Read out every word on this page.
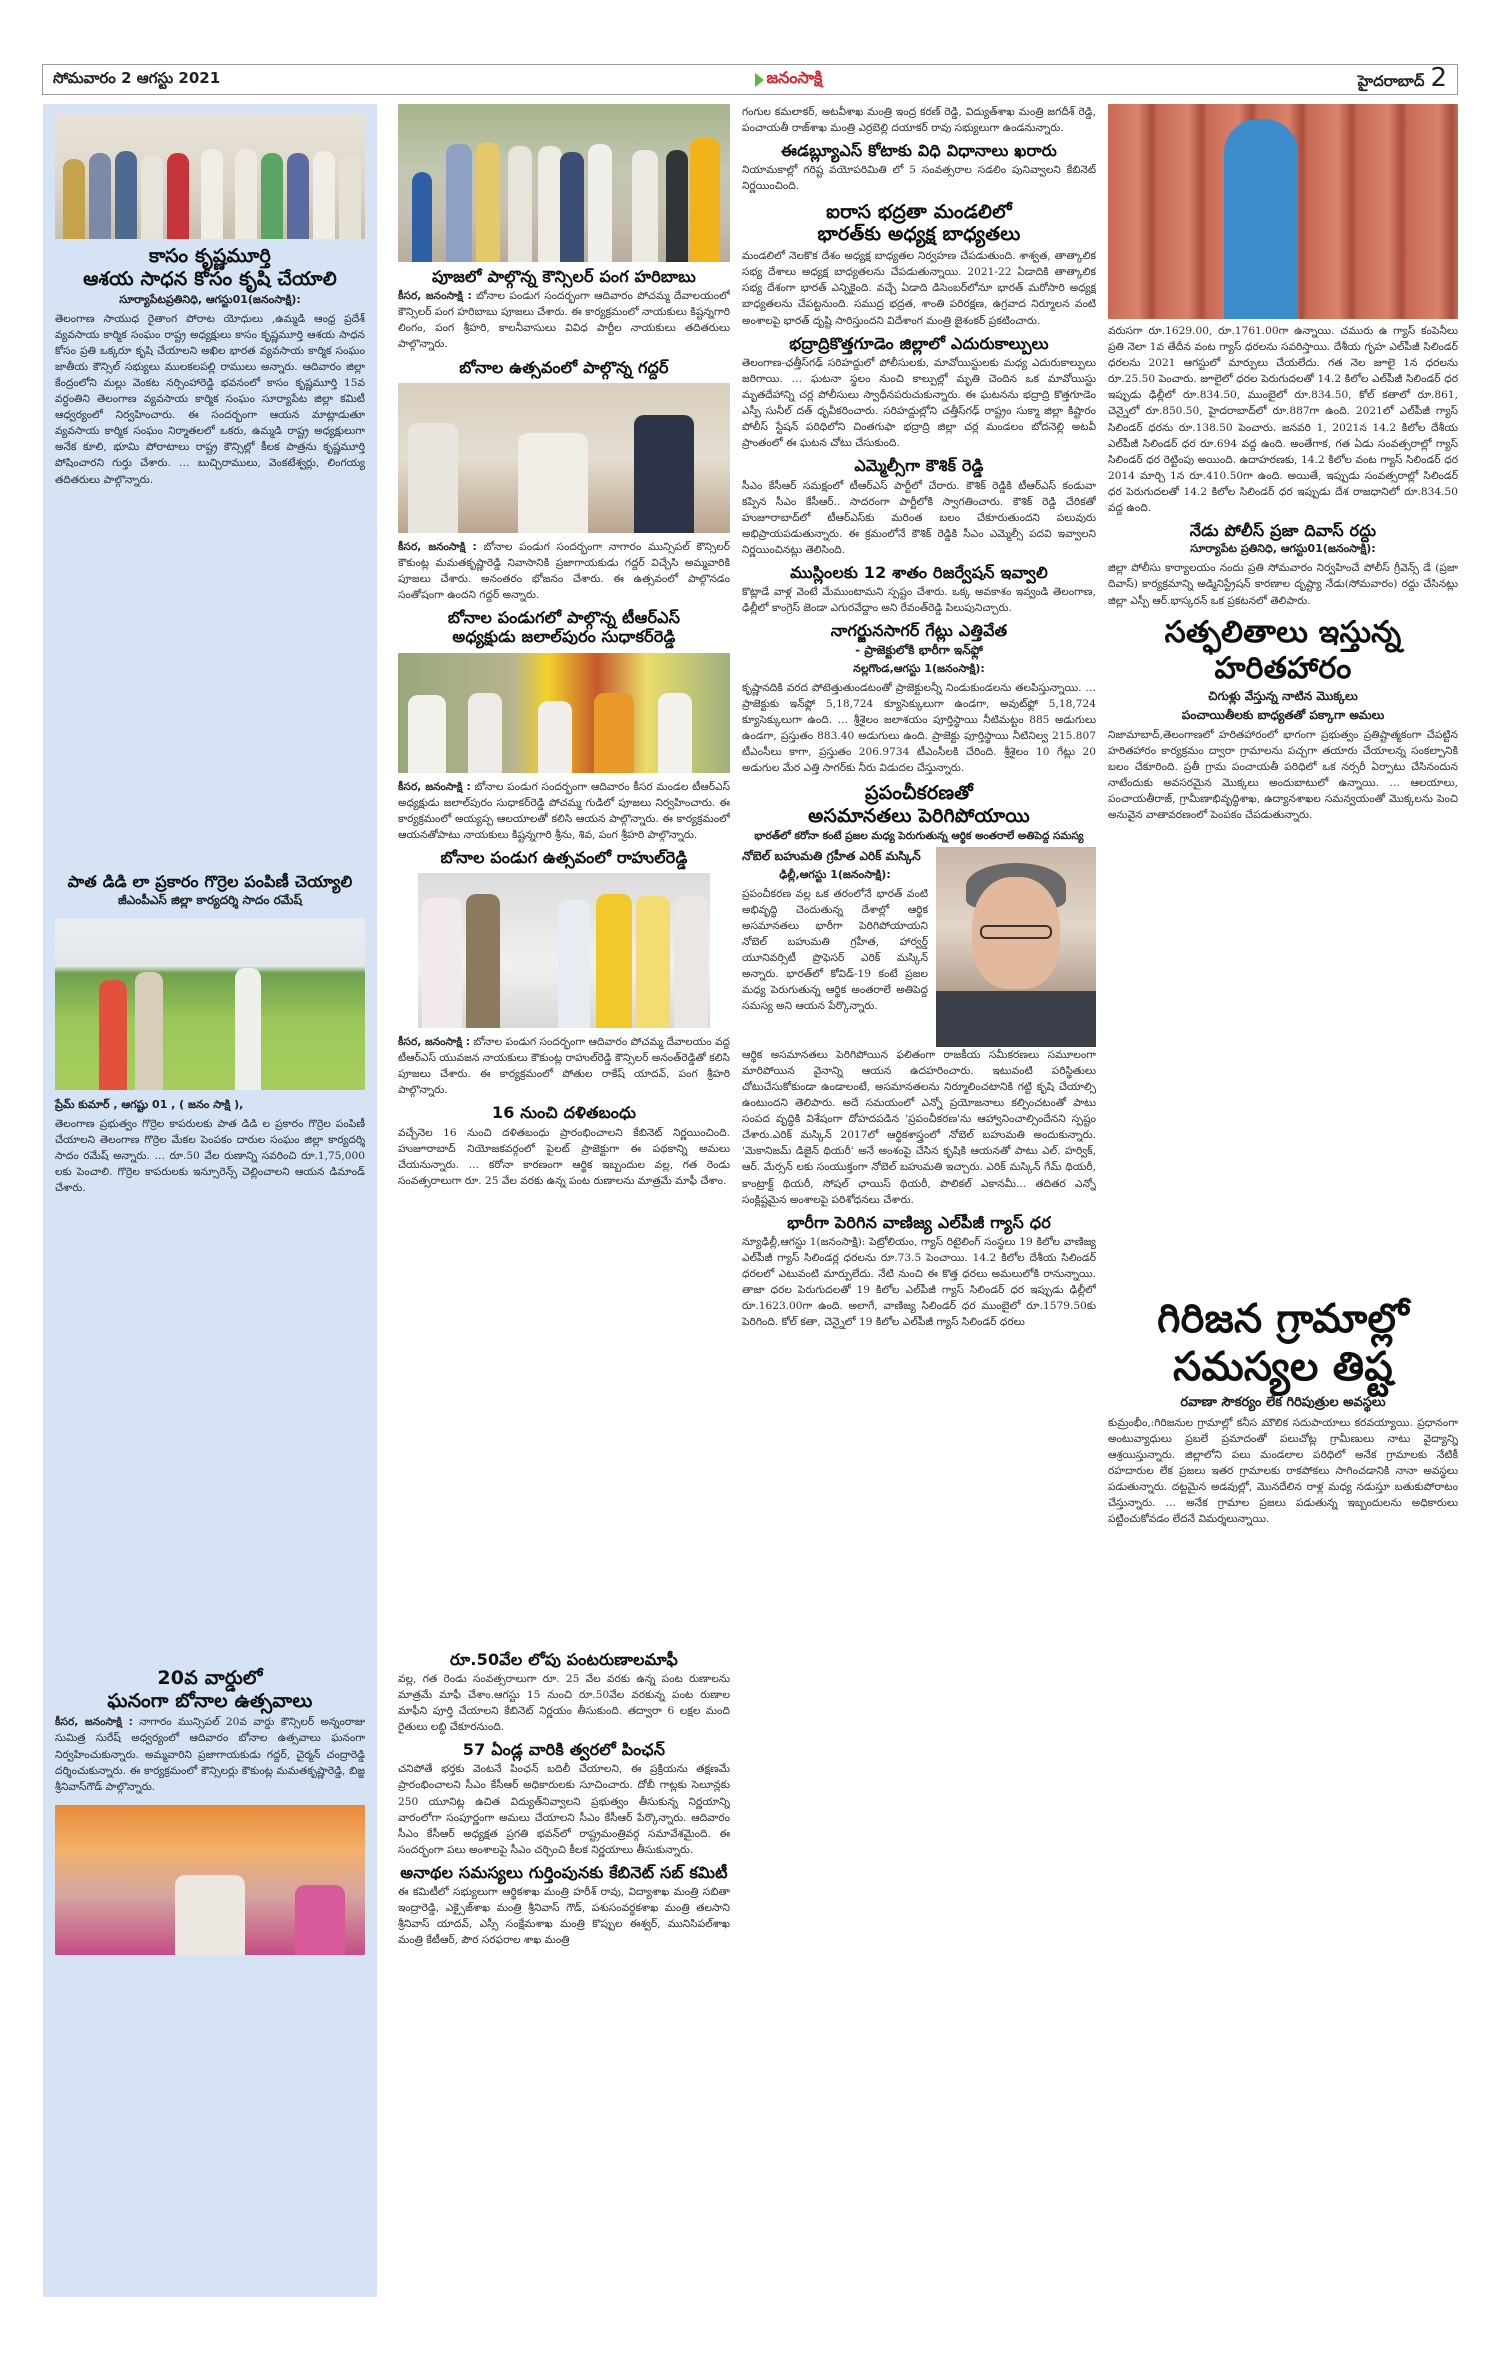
సోమవారం 2 ఆగస్టు 2021	జనంసాక్షి	హైదరాబాద్ 2
కాసం కృష్ణమూర్తి
ఆశయ సాధన కోసం కృషి చేయాలి
సూర్యాపేటప్రతినిధి, ఆగస్టు01(జనంసాక్షి):

తెలంగాణ సాయుధ రైతాంగ పోరాట యోధులు ,ఉమ్మడి ఆంధ్ర ప్రదేశ్ వ్యవసాయ కార్మిక సంఘం రాష్ట్ర అధ్యక్షులు కాసం కృష్ణమూర్తి ఆశయ సాధన కోసం ప్రతి ఒక్కరూ కృషి చేయాలని అఖిల భారత వ్యవసాయ కార్మిక సంఘం జాతీయ కౌన్సిల్ సభ్యులు ములకలపల్లి రాములు అన్నారు. ఆదివారం జిల్లా కేంద్రంలోని మల్లు వెంకట నర్సింహారెడ్డి భవనంలో కాసం కృష్ణమూర్తి 15వ వర్ధంతిని తెలంగాణ వ్యవసాయ కార్మిక సంఘం సూర్యాపేట జిల్లా కమిటీ ఆధ్వర్యంలో నిర్వహించారు. ఈ సందర్భంగా ఆయన మాట్లాడుతూ వ్యవసాయ కార్మిక సంఘం నిర్మాతలలో ఒకరు, ఉమ్మడి రాష్ట్ర అధ్యక్షులుగా అనేక కూలి, భూమి పోరాటాలు రాష్ట్ర కౌన్సిల్లో కీలక పాత్రను కృష్ణమూర్తి పోషించారని గుర్తు చేశారు. … బుచ్చిరాములు, వెంకటేశ్వర్లు, లింగయ్య తదితరులు పాల్గొన్నారు.

పాత డిడి లా ప్రకారం గొర్రెల పంపిణీ చెయ్యాలి
జీఎంపీఎస్ జిల్లా కార్యదర్శి సాదం రమేష్
ప్రేమ్ కుమార్ , ఆగష్టు 01 , ( జనం సాక్షి ),

తెలంగాణ ప్రభుత్వం గొర్రెల కాపరులకు పాత డిడి ల ప్రకారం గొర్రెల పంపిణీ చేయాలని తెలంగాణ గొర్రెల మేకల పెంపకం దారుల సంఘం జిల్లా కార్యదర్శి సాదం రమేష్ అన్నారు. … రూ.50 వేల రుణాన్ని సవరించి రూ.1,75,000 లకు పెంచాలి. గొర్రెల కాపరులకు ఇన్సూరెన్స్ చెల్లించాలని ఆయన డిమాండ్ చేశారు.

20వ వార్డులో
ఘనంగా బోనాల ఉత్సవాలు

కీసర, జనంసాక్షి : నాగారం మున్సిపల్ 20వ వార్డు కౌన్సిలర్ అన్నంరాజు సుమిత్ర సురేష్ అధ్వర్యంలో ఆదివారం బోనాల ఉత్సవాలు ఘనంగా నిర్వహించుకున్నారు. అమ్మవారిని ప్రజాగాయకుడు గద్దర్, చైర్మన్ చంద్రారెడ్డి దర్శించుకున్నారు. ఈ కార్యక్రమంలో కౌన్సిలర్లు కౌకుంట్ల మమతకృష్ణారెడ్డి, బిజ్జ శ్రీనివాస్‌గౌడ్ పాల్గొన్నారు.

పూజలో పాల్గొన్న కౌన్సిలర్ పంగ హరిబాబు

కీసర, జనంసాక్షి : బోనాల పండుగ సందర్భంగా ఆదివారం పోచమ్మ దేవాలయంలో కౌన్సిలర్ పంగ హరిబాబు పూజలు చేశారు. ఈ కార్యక్రమంలో నాయకులు కిష్టన్నగారి లింగం, పంగ శ్రీహరి, కాలనీవాసులు వివిధ పార్టీల నాయకులు తదితరులు పాల్గొన్నారు.

బోనాల ఉత్సవంలో పాల్గొన్న గద్దర్

కీసర, జనంసాక్షి : బోనాల పండుగ సందర్భంగా నాగారం మున్సిపల్ కౌన్సిలర్ కౌకుంట్ల మమతకృష్ణారెడ్డి నివాసానికి ప్రజాగాయకుడు గద్దర్ విచ్చేసి అమ్మవారికి పూజలు చేశారు. అనంతరం భోజనం చేశారు. ఈ ఉత్సవంలో పాల్గొనడం సంతోషంగా ఉందని గద్దర్ అన్నారు.

బోనాల పండుగలో పాల్గొన్న టీఆర్ఎస్
అధ్యక్షుడు జలాల్‌పురం సుధాకర్‌రెడ్డి

కీసర, జనంసాక్షి : బోనాల పండుగ సందర్భంగా ఆదివారం కీసర మండల టీఆర్ఎస్ అధ్యక్షుడు జలాల్‌పురం సుధాకర్‌రెడ్డి పోచమ్మ గుడిలో పూజలు నిర్వహించారు. ఈ కార్యక్రమంలో అయ్యప్ప ఆలయాలతో కలిసి ఆయన పాల్గొన్నారు. ఈ కార్యక్రమంలో ఆయనతోపాటు నాయకులు కిష్టన్నగారి శ్రీను, శివ, పంగ శ్రీహరి పాల్గొన్నారు.

బోనాల పండుగ ఉత్సవంలో రాహుల్‌రెడ్డి

కీసర, జనంసాక్షి : బోనాల పండుగ సందర్భంగా ఆదివారం పోచమ్మ దేవాలయం వద్ద టీఆర్ఎస్ యువజన నాయకులు కౌకుంట్ల రాహుల్‌రెడ్డి కౌన్సిలర్ అనంత్‌రెడ్డితో కలిసి పూజలు చేశారు. ఈ కార్యక్రమంలో పోతుల రాకేష్ యాదవ్, పంగ శ్రీహరి పాల్గొన్నారు.

16 నుంచి దళితబంధు

వచ్చేనెల 16 నుంచి దళితబంధు ప్రారంభించాలని కేబినెట్ నిర్ణయించింది. హుజూరాబాద్ నియోజకవర్గంలో పైలట్ ప్రాజెక్టుగా ఈ పథకాన్ని అమలు చేయనున్నారు. … కరోనా కారణంగా ఆర్థిక ఇబ్బందుల వల్ల, గత రెండు సంవత్సరాలుగా రూ. 25 వేల వరకు ఉన్న పంట రుణాలను మాత్రమే మాఫీ చేశాం.

రూ.50వేల లోపు పంటరుణాలమాఫీ

వల్ల, గత రెండు సంవత్సరాలుగా రూ. 25 వేల వరకు ఉన్న పంట రుణాలను మాత్రమే మాఫీ చేశాం.ఆగస్టు 15 నుంచి రూ.50వేల వరకున్న పంట రుణాల మాఫీని పూర్తి చేయాలని కేబినెట్ నిర్ణయం తీసుకుంది. తద్వారా 6 లక్షల మంది రైతులు లబ్ధి చేకూరనుంది.

57 ఏండ్ల వారికి త్వరలో పింఛన్

చనిపోతే భర్తకు వెంటనే పింఛన్ బదిలీ చేయాలని, ఈ ప్రక్రియను తక్షణమే ప్రారంభించాలని సీఎం కేసీఆర్ అధికారులకు సూచించారు. దోబీ గాట్లకు సెలూన్లకు 250 యూనిట్ల ఉచిత విద్యుత్‌నివ్వాలని ప్రభుత్వం తీసుకున్న నిర్ణయాన్ని వారంలోగా సంపూర్ణంగా అమలు చేయాలని సీఎం కేసీఆర్ పేర్కొన్నారు. ఆదివారం సీఎం కేసీఆర్ అధ్యక్షత ప్రగతి భవన్‌లో రాష్ట్రమంత్రివర్గ సమావేశమైంది. ఈ సందర్భంగా పలు అంశాలపై సీఎం చర్చించి కీలక నిర్ణయాలు తీసుకున్నారు.

అనాథల సమస్యలు గుర్తింపునకు కేబినెట్ సబ్ కమిటీ

ఈ కమిటీలో సభ్యులుగా ఆర్థికశాఖ మంత్రి హరీశ్ రావు, విద్యాశాఖ మంత్రి సబితా ఇంద్రారెడ్డి, ఎక్సైజ్‌శాఖ మంత్రి శ్రీనివాస్ గౌడ్, పశుసంవర్ధకశాఖ మంత్రి తలసాని శ్రీనివాస్ యాదవ్, ఎస్సీ సంక్షేమశాఖ మంత్రి కొప్పుల ఈశ్వర్, మునిసిపల్‌శాఖ మంత్రి కేటీఆర్, పౌర సరఫరాల శాఖ మంత్రి

గంగుల కమలాకర్, అటవీశాఖ మంత్రి ఇంద్ర కరణ్ రెడ్డి, విద్యుత్‌శాఖ మంత్రి జగదీశ్ రెడ్డి, పంచాయతీ రాజ్‌శాఖ మంత్రి ఎర్రబెల్లి దయాకర్ రావు సభ్యులుగా ఉండనున్నారు.

ఈడబ్ల్యూఎస్ కోటాకు విధి విధానాలు ఖరారు

నియామకాల్లో గరిష్ట వయోపరిమితి లో 5 సంవత్సరాల సడలిం పునివ్వాలని కేబినెట్ నిర్ణయించింది.

ఐరాస భద్రతా మండలిలో
భారత్‌కు అధ్యక్ష బాధ్యతలు

మండలిలో నెలకొక దేశం అధ్యక్ష బాధ్యతల నిర్వహణ చేపడుతుంది. శాశ్వత, తాత్కాలిక సభ్య దేశాలు అధ్యక్ష బాధ్యతలను చేపడుతున్నాయి. 2021-22 ఏడాదికి తాత్కాలిక సభ్య దేశంగా భారత్ ఎన్నికైంది. వచ్చే ఏడాది డిసెంబర్‌లోనూ భారత్ మరోసారి అధ్యక్ష బాధ్యతలను చేపట్టనుంది. సముద్ర భద్రత, శాంతి పరిరక్షణ, ఉగ్రవాద నిర్మూలన వంటి అంశాలపై భారత్ దృష్టి సారిస్తుందని విదేశాంగ మంత్రి జైశంకర్ ప్రకటించారు.

భద్రాద్రికొత్తగూడెం జిల్లాలో ఎదురుకాల్పులు

తెలంగాణ-ఛత్తీస్‌గఢ్ సరిహద్దులో పోలీసులకు, మావోయిస్టులకు మధ్య ఎదురుకాల్పులు జరిగాయి. … ఘటనా స్థలం నుంచి కాల్పుల్లో మృతి చెందిన ఒక మావోయిస్టు మృతదేహాన్ని చర్ల పోలీసులు స్వాధీనపరుచుకున్నారు. ఈ ఘటనను భద్రాద్రి కొత్తగూడెం ఎస్పీ సునీల్ దత్ ధృవీకరించారు. సరిహద్దుల్లోని చత్తీస్‌గఢ్ రాష్ట్రం సుక్మా జిల్లా కిష్టారం పోలీస్ స్టేషన్ పరిధిలోని చింతగుఫా భద్రాద్రి జిల్లా చర్ల మండలం బోదనెల్లి అటవీ ప్రాంతంలో ఈ ఘటన చోటు చేసుకుంది.

ఎమ్మెల్సీగా కౌశిక్ రెడ్డి

సీఎం కేసీఆర్ సమక్షంలో టీఆర్ఎస్ పార్టీలో చేరారు. కౌశిక్ రెడ్డికి టీఆర్ఎస్ కండువా కప్పిన సీఎం కేసీఆర్.. సాదరంగా పార్టీలోకి స్వాగతించారు. కౌశిక్ రెడ్డి చేరికతో హుజూరాబాద్‌లో టీఆర్ఎస్‌కు మరింత బలం చేకూరుతుందని పలువురు అభిప్రాయపడుతున్నారు. ఈ క్రమంలోనే కౌశిక్ రెడ్డికి సీఎం ఎమ్మెల్సీ పదవి ఇవ్వాలని నిర్ణయించినట్లు తెలిసింది.

ముస్లింలకు 12 శాతం రిజర్వేషన్ ఇవ్వాలి

కొట్లాడే వాళ్ల వెంటే మేముంటామని స్పష్టం చేశారు. ఒక్క అవకాశం ఇవ్వండి తెలంగాణ, ఢిల్లీలో కాంగ్రెస్ జెండా ఎగురవేద్దాం అని రేవంత్‌రెడ్డి పిలుపునిచ్చారు.

నాగర్జునసాగర్ గేట్లు ఎత్తివేత
- ప్రాజెక్టులోకి భారీగా ఇన్‌ఫ్లో
నల్లగొండ,ఆగస్టు 1(జనంసాక్షి):

కృష్ణానదికి వరద పోటెత్తుతుండటంతో ప్రాజెక్టులన్నీ నిండుకుండలను తలపిస్తున్నాయి. … ప్రాజెక్టుకు ఇన్‌ఫ్లో 5,18,724 క్యూసెక్కులుగా ఉండగా, అవుట్‌ఫ్లో 5,18,724 క్యూసెక్కులుగా ఉంది. … శ్రీశైలం జలాశయం పూర్తిస్థాయి నీటిమట్టం 885 అడుగులు ఉండగా, ప్రస్తుతం 883.40 అడుగులు ఉంది. ప్రాజెక్టు పూర్తిస్థాయి నీటినిల్వ 215.807 టీఎంసీలు కాగా, ప్రస్తుతం 206.9734 టీఎంసీలకి చేరింది. శ్రీశైలం 10 గేట్లు 20 అడుగుల మేర ఎత్తి సాగర్‌కు నీరు విడుదల చేస్తున్నారు.

ప్రపంచీకరణతో
అసమానతలు పెరిగిపోయాయి
భారత్‌లో కరోనా కంటే ప్రజల మధ్య పెరుగుతున్న ఆర్థిక అంతరాలే అతిపెద్ద సమస్య
నోబెల్ బహుమతి గ్రహీత ఎరిక్ మస్కిన్
ఢిల్లీ,ఆగస్టు 1(జనంసాక్షి):

ప్రపంచీకరణ వల్ల ఒక తరంలోనే భారత్ వంటి అభివృద్ధి చెందుతున్న దేశాల్లో ఆర్థిక అసమానతలు భారీగా పెరిగిపోయాయని నోబెల్ బహుమతి గ్రహీత, హార్వర్డ్ యూనివర్సిటీ ప్రొఫెసర్ ఎరిక్ మస్కిన్ అన్నారు. భారత్‌లో కోవిడ్-19 కంటే ప్రజల మధ్య పెరుగుతున్న ఆర్థిక అంతరాలే అతిపెద్ద సమస్య అని ఆయన పేర్కొన్నారు.

ఆర్థిక అసమానతలు పెరిగిపోయిన ఫలితంగా రాజకీయ సమీకరణలు సమూలంగా మారిపోయిన వైనాన్ని ఆయన ఉదహరించారు. ఇటువంటి పరిస్థితులు చోటుచేసుకోకుండా ఉండాలంటే, అసమానతలను నిర్మూలించటానికి గట్టి కృషి చేయాల్సి ఉంటుందని తెలిపారు. అదే సమయంలో ఎన్నో ప్రయోజనాలు కల్పించటంతో పాటు సంపద వృద్ధికి విశేషంగా దోహదపడిన 'ప్రపంచీకరణ'ను ఆహ్వానించాల్సిందేనని స్పష్టం చేశారు.ఎరిక్ మస్కిన్ 2017లో ఆర్థికశాస్త్రంలో నోబెల్ బహుమతి అందుకున్నారు. 'మెకానిజమ్ డిజైన్ థియరీ' అనే అంశంపై చేసిన కృషికి ఆయనతో పాటు ఎల్. హర్విక్, ఆర్. మేర్సన్ లకు సంయుక్తంగా నోబెల్ బహుమతి ఇచ్చారు. ఎరిక్ మస్కిన్ గేమ్ థియరీ, కాంట్రాక్ట్ థియరీ, సోషల్ ఛాయిస్ థియరీ, పొలికల్ ఎకానమీ... తదితర ఎన్నో సంక్లిష్టమైన అంశాలపై పరిశోధనలు చేశారు.

భారీగా పెరిగిన వాణిజ్య ఎల్‌పీజీ గ్యాస్ ధర

న్యూఢిల్లీ,ఆగస్టు 1(జనంసాక్షి): పెట్రోలియం, గ్యాస్ రిటైలింగ్ సంస్థలు 19 కిలోల వాణిజ్య ఎల్‌పీజీ గ్యాస్ సిలిండర్ల ధరలను రూ.73.5 పెంచాయి. 14.2 కిలోల దేశీయ సిలిండర్ ధరలలో ఎటువంటి మార్పులేదు. నేటి నుంచి ఈ కొత్త ధరలు అమలులోకి రానున్నాయి. తాజా ధరల పెరుగుదలతో 19 కిలోల ఎల్‌పీజీ గ్యాస్ సిలిండర్ ధర ఇప్పుడు ఢిల్లీలో రూ.1623.00గా ఉంది. అలాగే, వాణిజ్య సిలిండర్ ధర ముంబైలో రూ.1579.50కు పెరిగింది. కోల్ కతా, చెన్నైలో 19 కిలోల ఎల్‌పీజీ గ్యాస్ సిలిండర్ ధరలు

వరుసగా రూ.1629.00, రూ.1761.00గా ఉన్నాయి. చమురు ఉ గ్యాస్ కంపెనీలు ప్రతి నెలా 1వ తేదీన వంట గ్యాస్ ధరలను సవరిస్తాయి. దేశీయ గృహ ఎల్‌పీజీ సిలిండర్ ధరలను 2021 ఆగస్టులో మార్పులు చేయలేదు. గత నెల జూలై 1న ధరలను రూ.25.50 పెంచారు. జూలైలో ధరల పెరుగుదలతో 14.2 కిలోల ఎల్‌పీజీ సిలిండర్ ధర ఇప్పుడు ఢిల్లీలో రూ.834.50, ముంబైలో రూ.834.50, కోల్ కతాలో రూ.861, చెన్నైలో రూ.850.50, హైదరాబాద్‌లో రూ.887గా ఉంది. 2021లో ఎల్‌పీజీ గ్యాస్ సిలిండర్ ధరను రూ.138.50 పెంచారు. జనవరి 1, 2021న 14.2 కిలోల దేశీయ ఎల్‌పీజీ సిలిండర్ ధర రూ.694 వద్ద ఉంది. అంతేగాక, గత ఏడు సంవత్సరాల్లో గ్యాస్ సిలిండర్ ధర రెట్టింపు అయింది. ఉదాహరణకు, 14.2 కిలోల వంట గ్యాస్ సిలిండర్ ధర 2014 మార్చి 1న రూ.410.50గా ఉంది. అయితే, ఇప్పుడు సంవత్సరాల్లో సిలిండర్ ధర పెరుగుదలతో 14.2 కిలోల సిలిండర్ ధర ఇప్పుడు దేశ రాజధానిలో రూ.834.50 వద్ద ఉంది.

నేడు పోలీస్ ప్రజా దివాస్ రద్దు
సూర్యాపేట ప్రతినిధి, ఆగస్టు01(జనంసాక్షి):

జిల్లా పోలీసు కార్యాలయం నందు ప్రతి సోమవారం నిర్వహించే పోలీస్ గ్రీవెన్స్ డే (ప్రజా దివాస్) కార్యక్రమాన్ని అడ్మినిస్ట్రేషన్ కారణాల దృష్ట్యా నేడు(సోమవారం) రద్దు చేసినట్లు జిల్లా ఎస్పీ ఆర్.భాస్కరన్ ఒక ప్రకటనలో తెలిపారు.

సత్ఫలితాలు ఇస్తున్న
హరితహారం
చిగుళ్లు వేస్తున్న నాటిన మొక్కలు
పంచాయితీలకు బాధ్యతతో పక్కాగా అమలు

నిజామాబాద్,తెలంగాణలో హరితహారంలో భాగంగా ప్రభుత్వం ప్రతిష్టాత్మకంగా చేపట్టిన హరితహారం కార్యక్రమం ద్వారా గ్రామాలను పచ్చగా తయారు చేయాలన్న సంకల్పానికి బలం చేకూరింది. ప్రతీ గ్రామ పంచాయతీ పరిధిలో ఒక నర్సరీ ఏర్పాటు చేసినందున నాటేందుకు అవసరమైన మొక్కలు అందుబాటులో ఉన్నాయి. … ఆలయాలు, పంచాయతీరాజ్, గ్రామీణాభివృద్ధిశాఖ, ఉద్యానశాఖల సమన్వయంతో మొక్కలను పెంచి అనువైన వాతావరణంలో పెంపకం చేపడుతున్నారు.

గిరిజన గ్రామాల్లో
సమస్యల తిష్ట
రవాణా సౌకర్యం లేక గిరిపుత్రుల అవస్థలు

కుమ్రంభీం,:గిరిజనుల గ్రామాల్లో కనీస మౌలిక సదుపాయాలు కరవయ్యాయి. ప్రధానంగా అంటువ్యాధులు ప్రబలే ప్రమాదంతో పలుచోట్ల గ్రామీణులు నాటు వైద్యాన్ని ఆశ్రయిస్తున్నారు. జిల్లాలోని పలు మండలాల పరిధిలో అనేక గ్రామాలకు నేటికీ రహదారుల లేక ప్రజలు ఇతర గ్రామాలకు రాకపోకలు సాగించడానికి నానా అవస్థలు పడుతున్నారు. దట్టమైన అడవుల్లో, మొనదేలిన రాళ్ల మధ్య నడుస్తూ బతుకుపోరాటం చేస్తున్నారు. … అనేక గ్రామాల ప్రజలు పడుతున్న ఇబ్బందులను అధికారులు పట్టించుకోవడం లేదనే విమర్శలున్నాయి.
